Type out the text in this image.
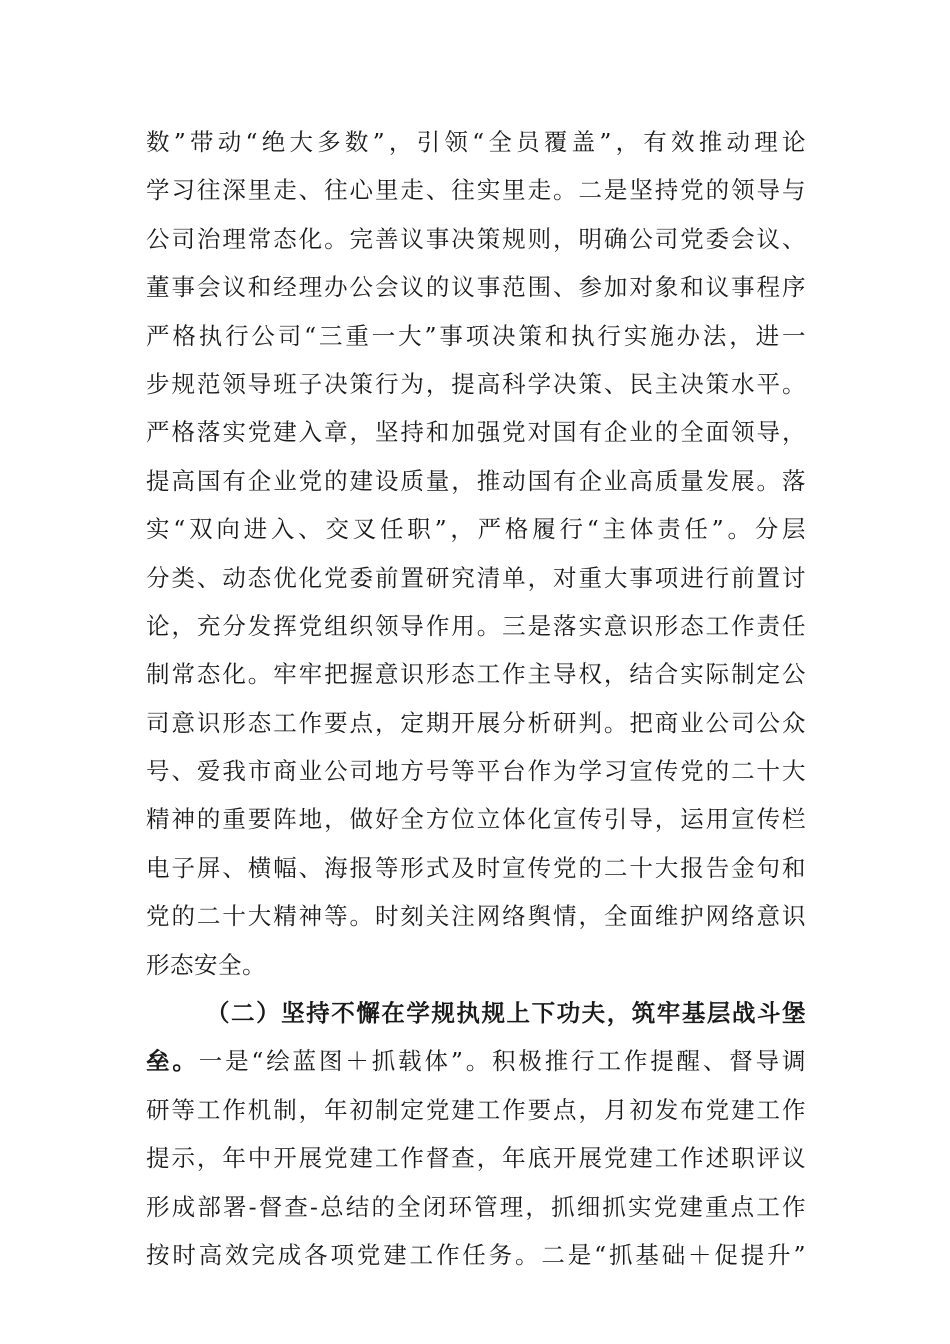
数”带动“绝大多数”，引领“全员覆盖”，有效推动理论
学习往深里走、往心里走、往实里走。二是坚持党的领导与
公司治理常态化。完善议事决策规则，明确公司党委会议、
董事会议和经理办公会议的议事范围、参加对象和议事程序
严格执行公司“三重一大”事项决策和执行实施办法，进一
步规范领导班子决策行为，提高科学决策、民主决策水平。
严格落实党建入章，坚持和加强党对国有企业的全面领导，
提高国有企业党的建设质量，推动国有企业高质量发展。落
实“双向进入、交叉任职”，严格履行“主体责任”。分层
分类、动态优化党委前置研究清单，对重大事项进行前置讨
论，充分发挥党组织领导作用。三是落实意识形态工作责任
制常态化。牢牢把握意识形态工作主导权，结合实际制定公
司意识形态工作要点，定期开展分析研判。把商业公司公众
号、爱我市商业公司地方号等平台作为学习宣传党的二十大
精神的重要阵地，做好全方位立体化宣传引导，运用宣传栏
电子屏、横幅、海报等形式及时宣传党的二十大报告金句和
党的二十大精神等。时刻关注网络舆情，全面维护网络意识
形态安全。
（二）坚持不懈在学规执规上下功夫，筑牢基层战斗堡
垒。一是“绘蓝图＋抓载体”。积极推行工作提醒、督导调
研等工作机制，年初制定党建工作要点，月初发布党建工作
提示，年中开展党建工作督查，年底开展党建工作述职评议
形成部署-督查-总结的全闭环管理，抓细抓实党建重点工作
按时高效完成各项党建工作任务。二是“抓基础＋促提升”
